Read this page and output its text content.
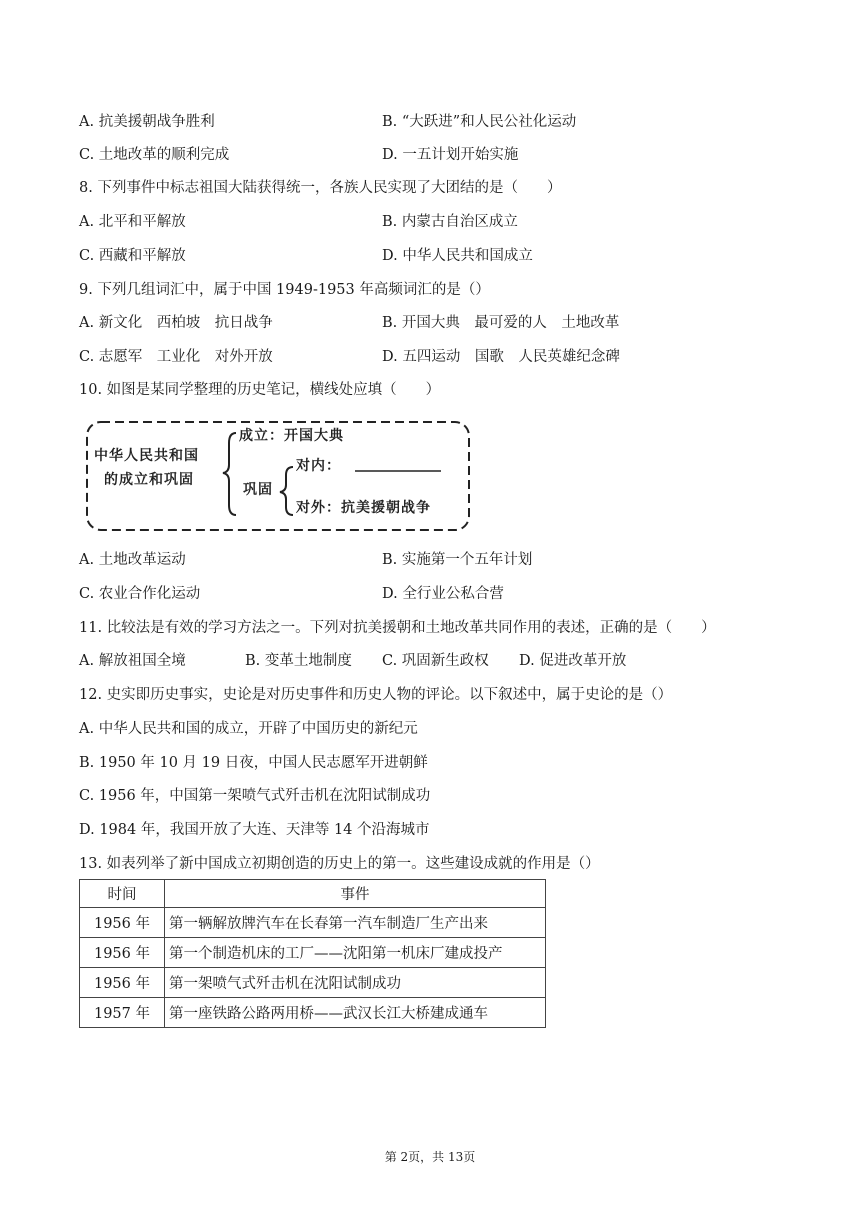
A. 抗美援朝战争胜利	B. “大跃进”和人民公社化运动
C. 土地改革的顺利完成	D. 一五计划开始实施
8. 下列事件中标志祖国大陆获得统一，各族人民实现了大团结的是（　　）
A. 北平和平解放	B. 内蒙古自治区成立
C. 西藏和平解放	D. 中华人民共和国成立
9. 下列几组词汇中，属于中国 1949-1953 年高频词汇的是（）
A. 新文化　西柏坡　抗日战争	B. 开国大典　最可爱的人　土地改革
C. 志愿军　工业化　对外开放	D. 五四运动　国歌　人民英雄纪念碑
10. 如图是某同学整理的历史笔记，横线处应填（　　）
中华人民共和国
的成立和巩固
成立：开国大典
巩固
对内：
对外：抗美援朝战争
A. 土地改革运动	B. 实施第一个五年计划
C. 农业合作化运动	D. 全行业公私合营
11. 比较法是有效的学习方法之一。下列对抗美援朝和土地改革共同作用的表述，正确的是（　　）
A. 解放祖国全境	B. 变革土地制度 C. 巩固新生政权 D. 促进改革开放
12. 史实即历史事实，史论是对历史事件和历史人物的评论。以下叙述中，属于史论的是（）
A. 中华人民共和国的成立，开辟了中国历史的新纪元
B. 1950 年 10 月 19 日夜，中国人民志愿军开进朝鲜
C. 1956 年，中国第一架喷气式歼击机在沈阳试制成功
D. 1984 年，我国开放了大连、天津等 14 个沿海城市
13. 如表列举了新中国成立初期创造的历史上的第一。这些建设成就的作用是（）
时间	事件
1956 年	第一辆解放牌汽车在长春第一汽车制造厂生产出来
1956 年	第一个制造机床的工厂——沈阳第一机床厂建成投产
1956 年	第一架喷气式歼击机在沈阳试制成功
1957 年	第一座铁路公路两用桥——武汉长江大桥建成通车
第 2页，共 13页
